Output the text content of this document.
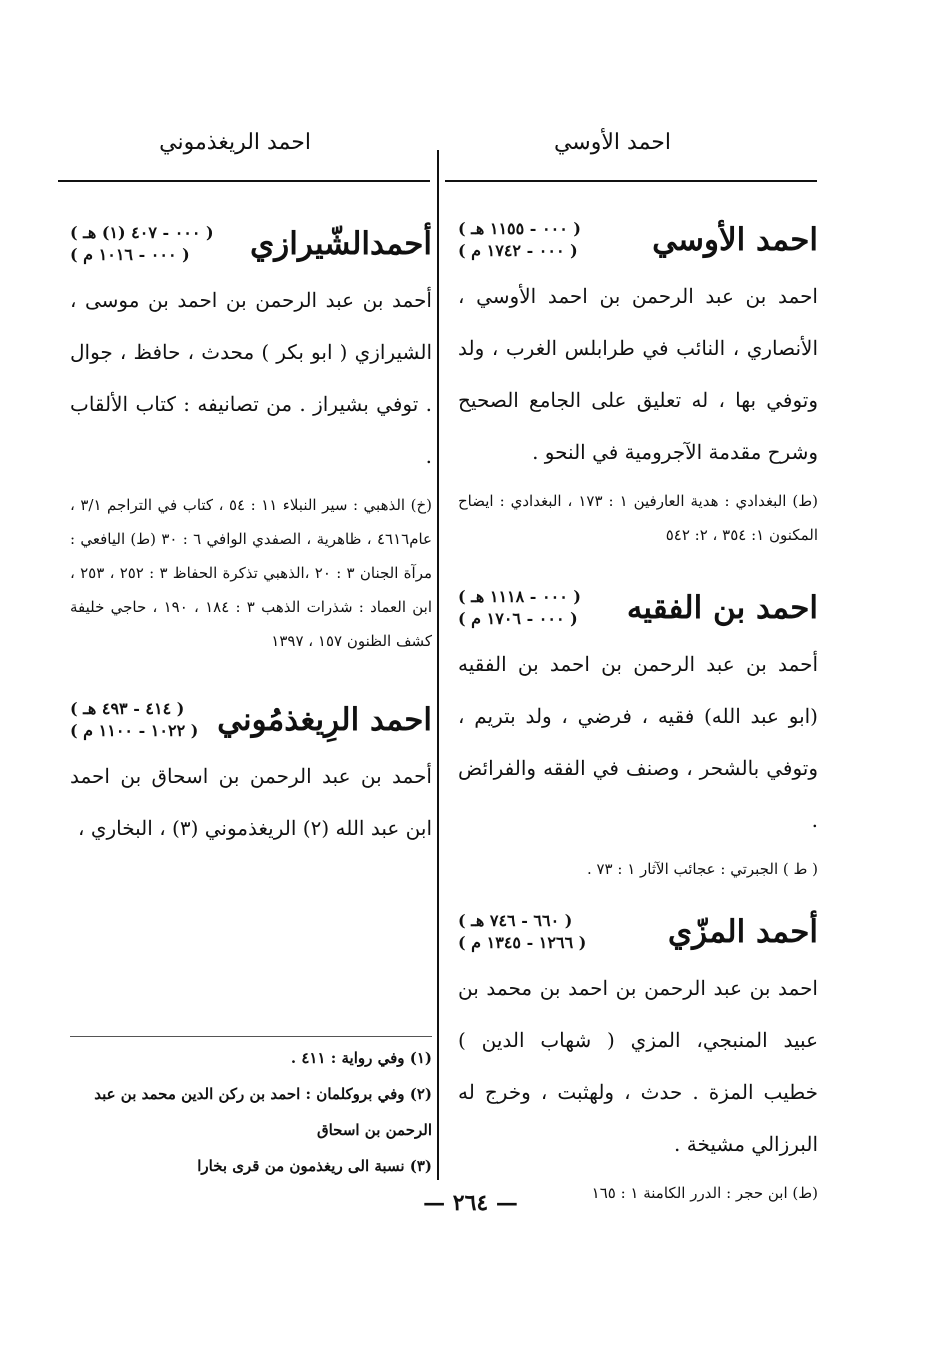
احمد الأوسي
احمد الريغذموني
احمد الأوسي
( ٠٠٠ - ١١٥٥ هـ )
( ٠٠٠ - ١٧٤٢ م )

احمد بن عبد الرحمن بن احمد الأوسي ، الأنصاري ، النائب في طرابلس الغرب ، ولد وتوفي بها ، له تعليق على الجامع الصحيح وشرح مقدمة الآجرومية في النحو .

(ط) البغدادي : هدية العارفين ١ : ١٧٣ ، البغدادي : ايضاح المكنون ١: ٣٥٤ ، ٢: ٥٤٢

احمد بن الفقيه
( ٠٠٠ - ١١١٨ هـ )
( ٠٠٠ - ١٧٠٦ م )

أحمد بن عبد الرحمن بن احمد بن الفقيه (ابو عبد الله) فقيه ، فرضي ، ولد بتريم ، وتوفي بالشحر ، وصنف في الفقه والفرائض .

( ط ) الجبرتي : عجائب الآثار ١ : ٧٣ .

أحمد المزّي
( ٦٦٠ - ٧٤٦ هـ )
( ١٢٦٦ - ١٣٤٥ م )

احمد بن عبد الرحمن بن احمد بن محمد بن عبيد المنبجي، المزي ( شهاب الدين ) خطيب المزة . حدث ، ولهثبت ، وخرج له البرزالي مشيخة .

(ط) ابن حجر : الدرر الكامنة ١ : ١٦٥

أحمدالشّيرازي
( ٠٠٠ - ٤٠٧ (١) هـ )
( ٠٠٠ - ١٠١٦ م )

أحمد بن عبد الرحمن بن احمد بن موسى ، الشيرازي ( ابو بكر ) محدث ، حافظ ، جوال . توفي بشيراز . من تصانيفه : كتاب الألقاب .

(خ) الذهبي : سير النبلاء ١١ : ٥٤ ، كتاب في التراجم ٣/١ ، عام٤٦١٦ ، ظاهرية ، الصفدي الوافي ٦ : ٣٠ (ط) اليافعي : مرآة الجنان ٣ : ٢٠ ،الذهبي تذكرة الحفاظ ٣ : ٢٥٢ ، ٢٥٣ ، ابن العماد : شذرات الذهب ٣ : ١٨٤ ، ١٩٠ ، حاجي خليفة كشف الظنون ١٥٧ ، ١٣٩٧

احمد الرِيغذمُوني
( ٤١٤ - ٤٩٣ هـ )
( ١٠٢٢ - ١١٠٠ م )

أحمد بن عبد الرحمن بن اسحاق بن احمد ابن عبد الله (٢) الريغذموني (٣) ، البخاري ،

(١) وفي رواية : ٤١١ .
(٢) وفي بروكلمان : احمد بن ركن الدين محمد بن عبد الرحمن بن اسحاق
(٣) نسبة الى ريغذمون من قرى بخارا
— ٢٦٤ —
